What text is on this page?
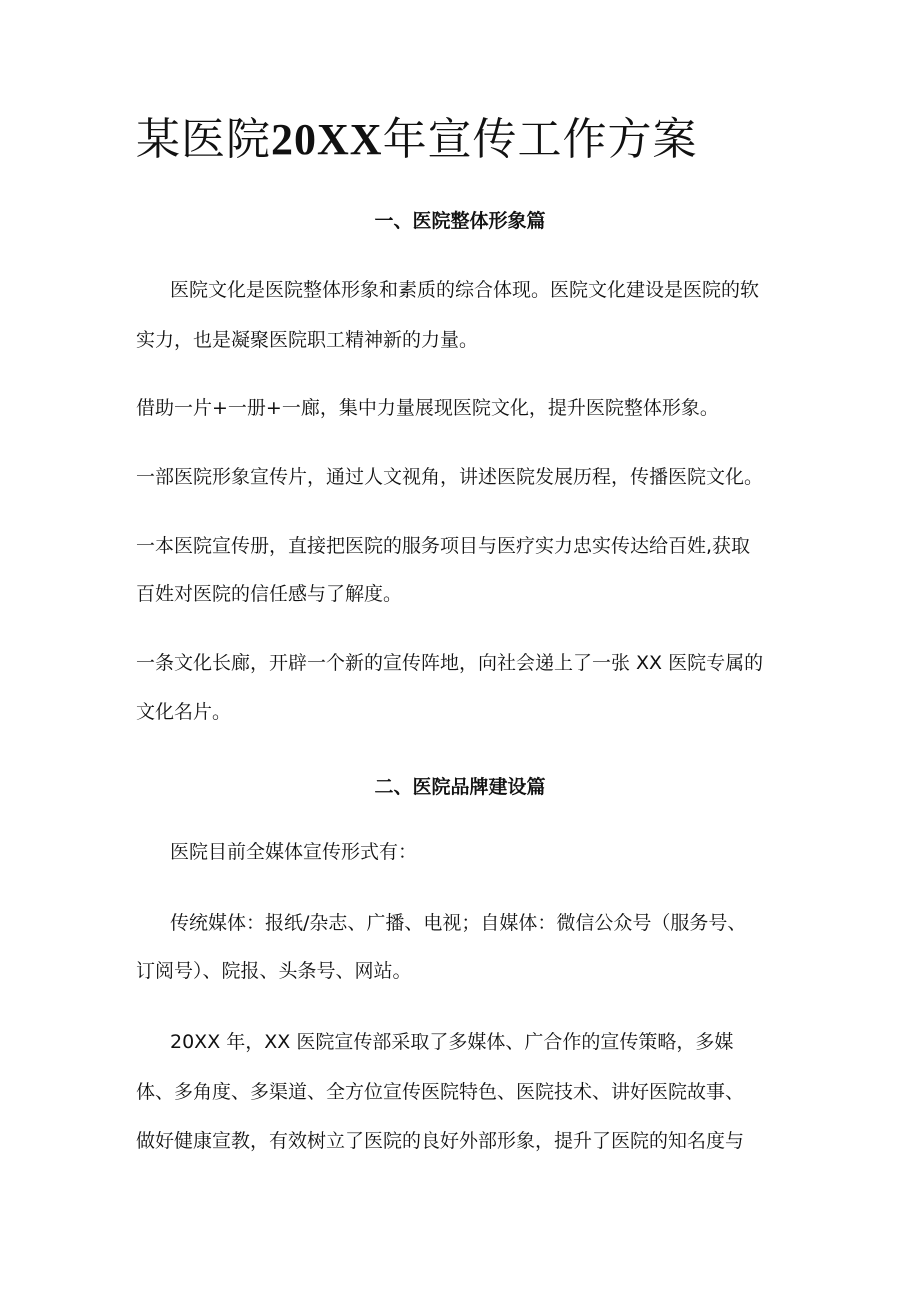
某医院20XX年宣传工作方案
一、医院整体形象篇

医院文化是医院整体形象和素质的综合体现。医院文化建设是医院的软

实力，也是凝聚医院职工精神新的力量。

借助一片+一册+一廊，集中力量展现医院文化，提升医院整体形象。

一部医院形象宣传片，通过人文视角，讲述医院发展历程，传播医院文化。

一本医院宣传册，直接把医院的服务项目与医疗实力忠实传达给百姓,获取

百姓对医院的信任感与了解度。

一条文化长廊，开辟一个新的宣传阵地，向社会递上了一张 XX 医院专属的

文化名片。

二、医院品牌建设篇

医院目前全媒体宣传形式有：

传统媒体：报纸/杂志、广播、电视；自媒体：微信公众号（服务号、

订阅号）、院报、头条号、网站。

20XX 年，XX 医院宣传部采取了多媒体、广合作的宣传策略，多媒

体、多角度、多渠道、全方位宣传医院特色、医院技术、讲好医院故事、

做好健康宣教，有效树立了医院的良好外部形象，提升了医院的知名度与
